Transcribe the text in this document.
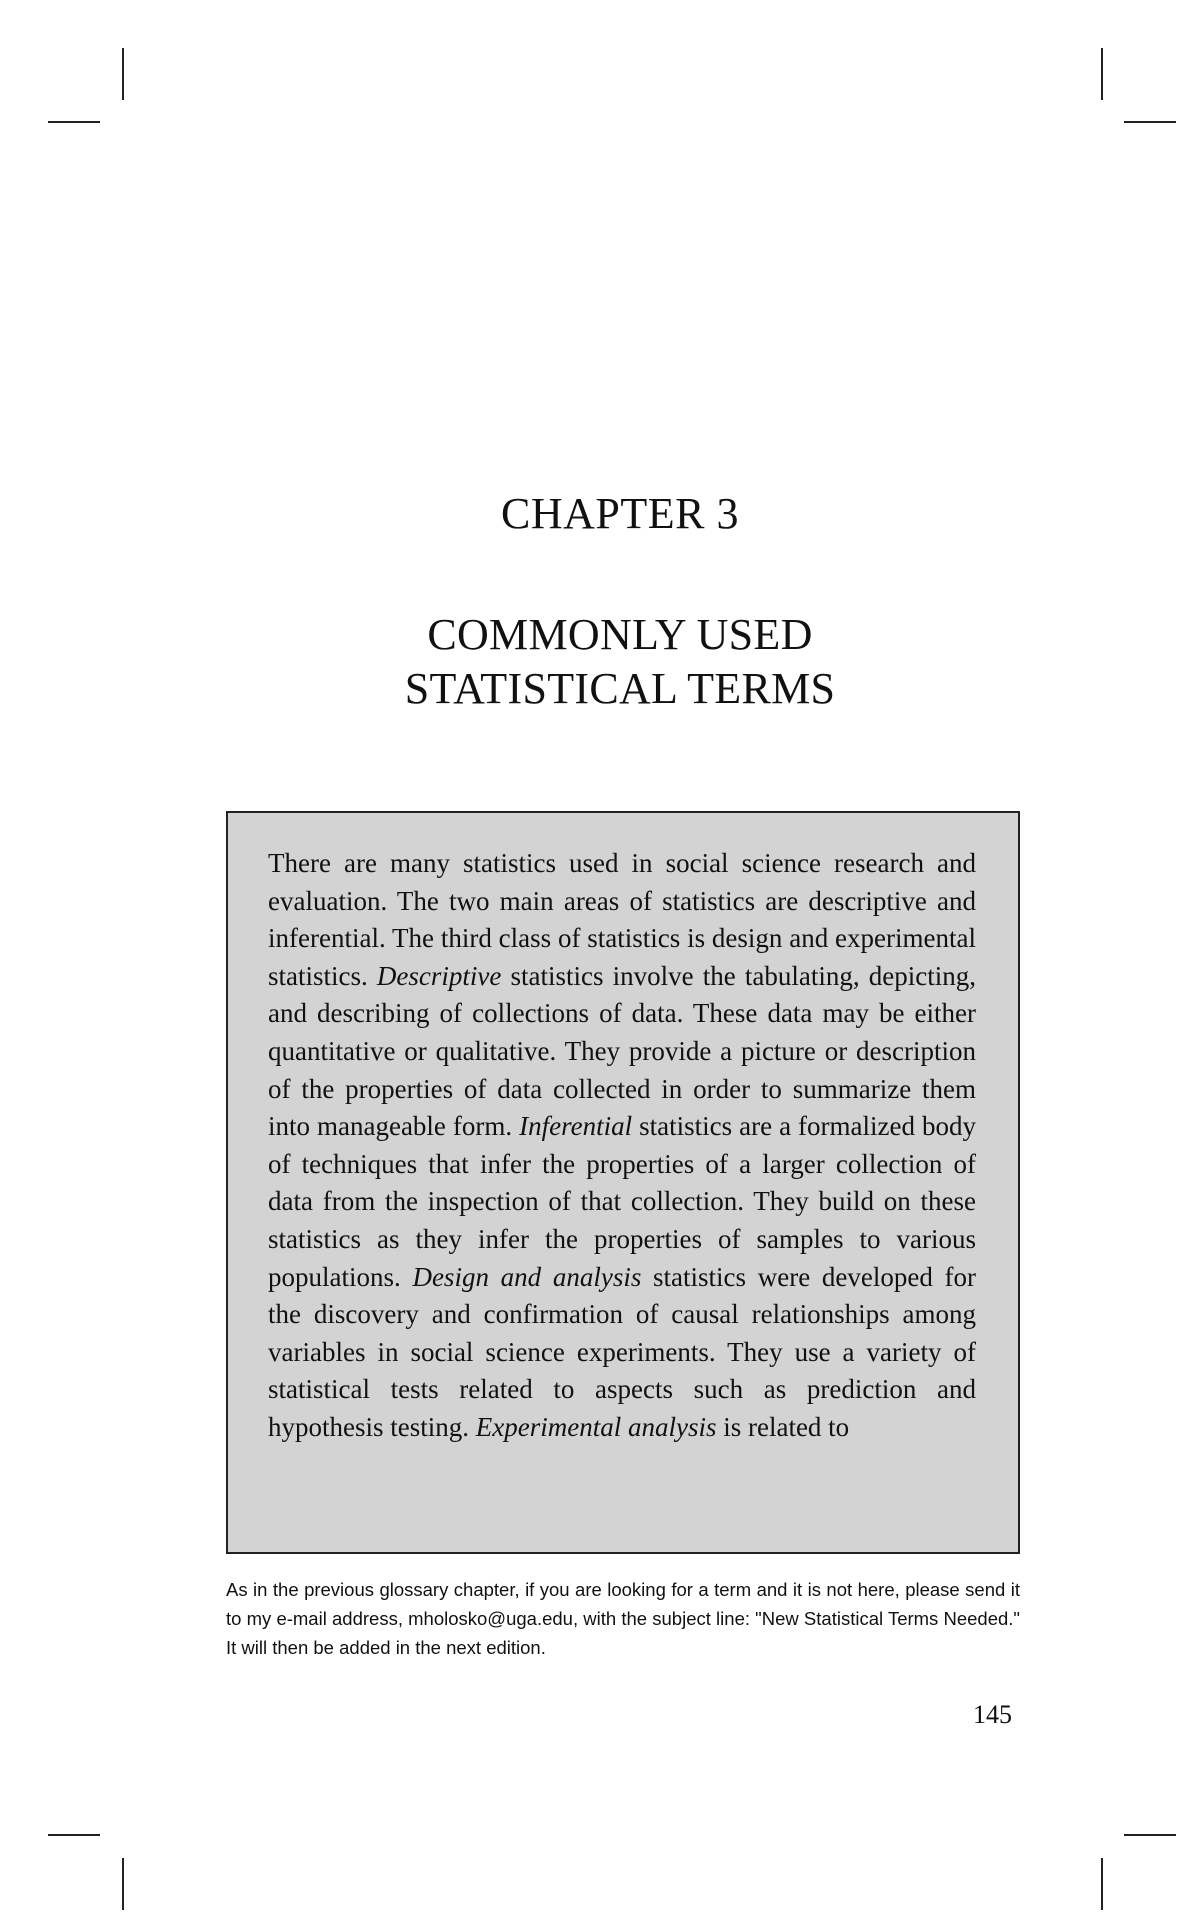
CHAPTER 3
COMMONLY USED
STATISTICAL TERMS

There are many statistics used in social science research and evaluation. The two main areas of statistics are descriptive and inferential. The third class of statistics is design and experimental statistics. Descriptive statistics involve the tabulating, depicting, and describing of collections of data. These data may be either quantitative or qualitative. They provide a picture or description of the properties of data collected in order to summarize them into manageable form. Inferential statistics are a formalized body of techniques that infer the properties of a larger collection of data from the inspection of that collection. They build on these statistics as they infer the properties of samples to various populations. Design and analysis statistics were developed for the discovery and confirmation of causal relationships among variables in social science experiments. They use a variety of statistical tests related to aspects such as prediction and hypothesis testing. Experimental analysis is related to

As in the previous glossary chapter, if you are looking for a term and it is not here, please send it to my e-mail address, mholosko@uga.edu, with the subject line: "New Statistical Terms Needed." It will then be added in the next edition.

145
